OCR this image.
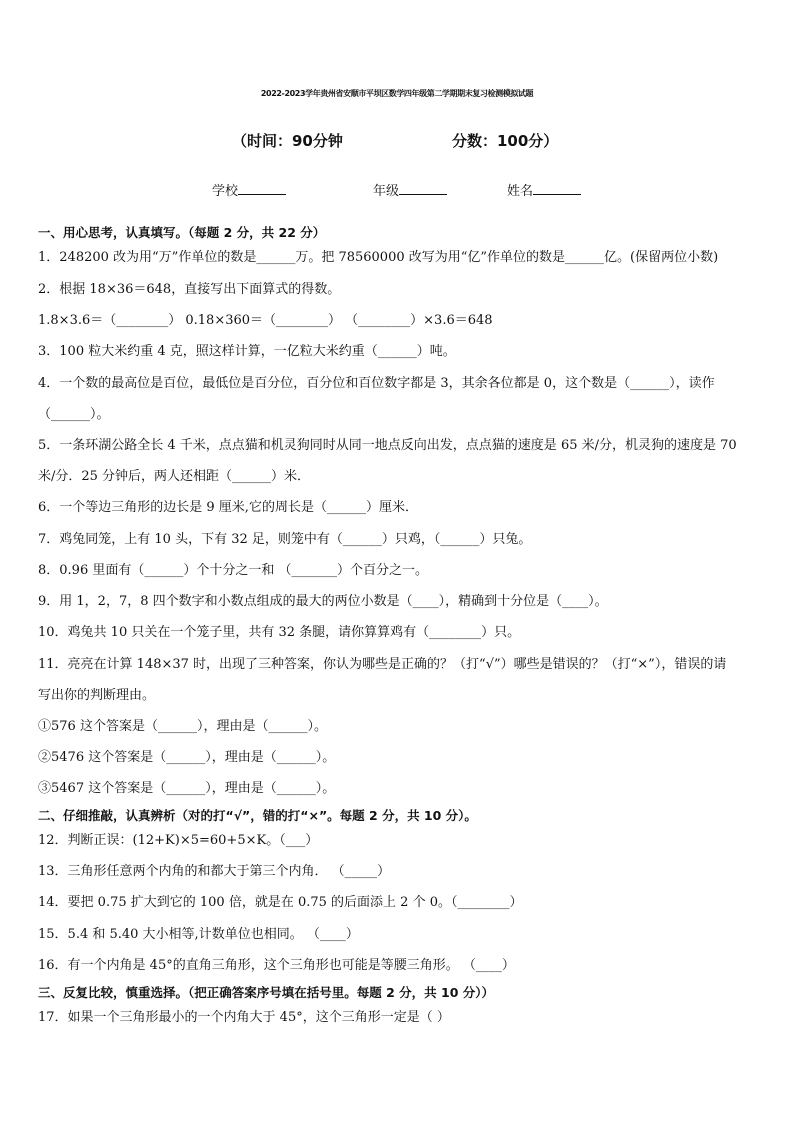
2022-2023学年贵州省安顺市平坝区数学四年级第二学期期末复习检测模拟试题
（时间：90分钟	分数：100分）
学校	年级	姓名
一、用心思考，认真填写。（每题 2 分，共 22 分）
1．248200 改为用“万”作单位的数是______万。把 78560000 改写为用“亿”作单位的数是______亿。(保留两位小数)
2．根据 18×36＝648，直接写出下面算式的得数。
1.8×3.6＝（________） 0.18×360＝（________） （________）×3.6＝648
3．100 粒大米约重 4 克，照这样计算，一亿粒大米约重（______）吨。
4．一个数的最高位是百位，最低位是百分位，百分位和百位数字都是 3，其余各位都是 0，这个数是（______），读作
（______）。
5．一条环湖公路全长 4 千米，点点猫和机灵狗同时从同一地点反向出发，点点猫的速度是 65 米/分，机灵狗的速度是 70
米/分．25 分钟后，两人还相距（______）米．
6．一个等边三角形的边长是 9 厘米,它的周长是（______）厘米．
7．鸡兔同笼，上有 10 头，下有 32 足，则笼中有（______）只鸡，（______）只兔。
8．0.96 里面有（______）个十分之一和 （_______）个百分之一。
9．用 1，2，7，8 四个数字和小数点组成的最大的两位小数是（____），精确到十分位是（____）。
10．鸡兔共 10 只关在一个笼子里，共有 32 条腿，请你算算鸡有（________）只。
11．亮亮在计算 148×37 时，出现了三种答案，你认为哪些是正确的？（打“√”）哪些是错误的？（打“×”），错误的请
写出你的判断理由。
①576 这个答案是（______），理由是（______）。
②5476 这个答案是（______），理由是（______）。
③5467 这个答案是（______），理由是（______）。
二、仔细推敲，认真辨析（对的打“√”，错的打“×”。每题 2 分，共 10 分）。
12．判断正误：(12+K)×5=60+5×K。（___）
13．三角形任意两个内角的和都大于第三个内角． （_____）
14．要把 0.75 扩大到它的 100 倍，就是在 0.75 的后面添上 2 个 0。（________）
15．5.4 和 5.40 大小相等,计数单位也相同。 （____）
16．有一个内角是 45°的直角三角形，这个三角形也可能是等腰三角形。 （____）
三、反复比较，慎重选择。（把正确答案序号填在括号里。每题 2 分，共 10 分））
17．如果一个三角形最小的一个内角大于 45°，这个三角形一定是（ ）
